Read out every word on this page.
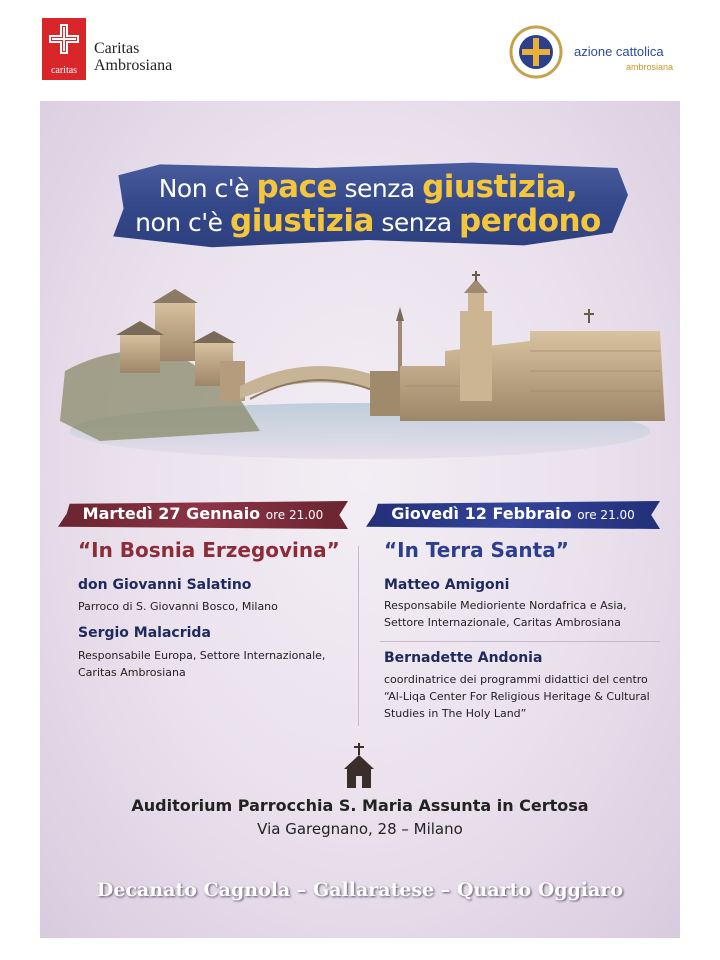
caritas
Caritas
Ambrosiana
azione cattolica
ambrosiana
Non c'è pace senza giustizia,
non c'è giustizia senza perdono
Martedì 27 Gennaio ore 21.00
“In Bosnia Erzegovina”
don Giovanni Salatino
Parroco di S. Giovanni Bosco, Milano
Sergio Malacrida
Responsabile Europa, Settore Internazionale,
Caritas Ambrosiana
Giovedì 12 Febbraio ore 21.00
“In Terra Santa”
Matteo Amigoni
Responsabile Medioriente Nordafrica e Asia,
Settore Internazionale, Caritas Ambrosiana
Bernadette Andonia
coordinatrice dei programmi didattici del centro
“Al-Liqa Center For Religious Heritage & Cultural
Studies in The Holy Land”
Auditorium Parrocchia S. Maria Assunta in Certosa
Via Garegnano, 28 – Milano
Decanato Cagnola – Gallaratese – Quarto Oggiaro
